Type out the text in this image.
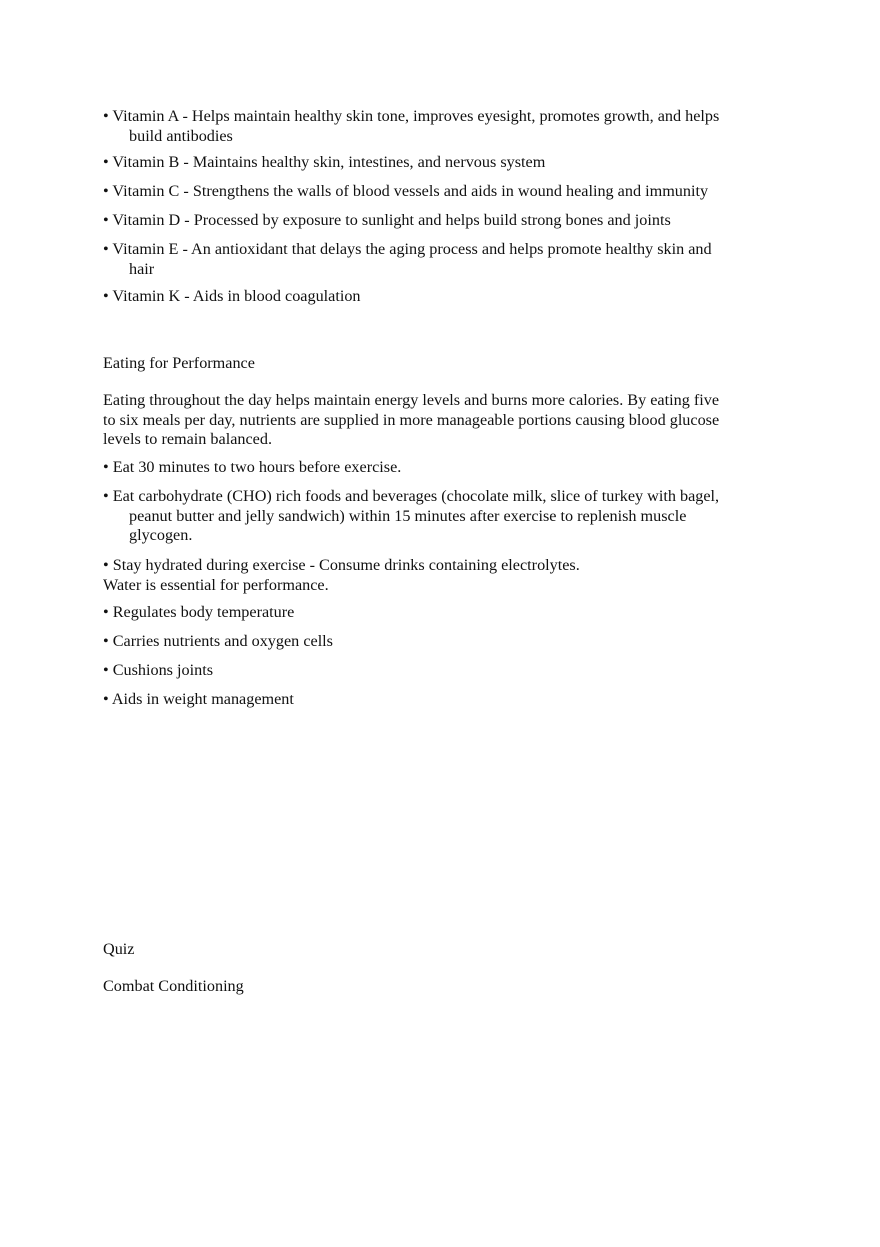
• Vitamin A - Helps maintain healthy skin tone, improves eyesight, promotes growth, and helps
build antibodies
• Vitamin B - Maintains healthy skin, intestines, and nervous system
• Vitamin C - Strengthens the walls of blood vessels and aids in wound healing and immunity
• Vitamin D - Processed by exposure to sunlight and helps build strong bones and joints
• Vitamin E - An antioxidant that delays the aging process and helps promote healthy skin and
hair
• Vitamin K - Aids in blood coagulation
Eating for Performance
Eating throughout the day helps maintain energy levels and burns more calories. By eating five
to six meals per day, nutrients are supplied in more manageable portions causing blood glucose
levels to remain balanced.
• Eat 30 minutes to two hours before exercise.
• Eat carbohydrate (CHO) rich foods and beverages (chocolate milk, slice of turkey with bagel,
peanut butter and jelly sandwich) within 15 minutes after exercise to replenish muscle
glycogen.
• Stay hydrated during exercise - Consume drinks containing electrolytes.
Water is essential for performance.
• Regulates body temperature
• Carries nutrients and oxygen cells
• Cushions joints
• Aids in weight management
Quiz
Combat Conditioning
